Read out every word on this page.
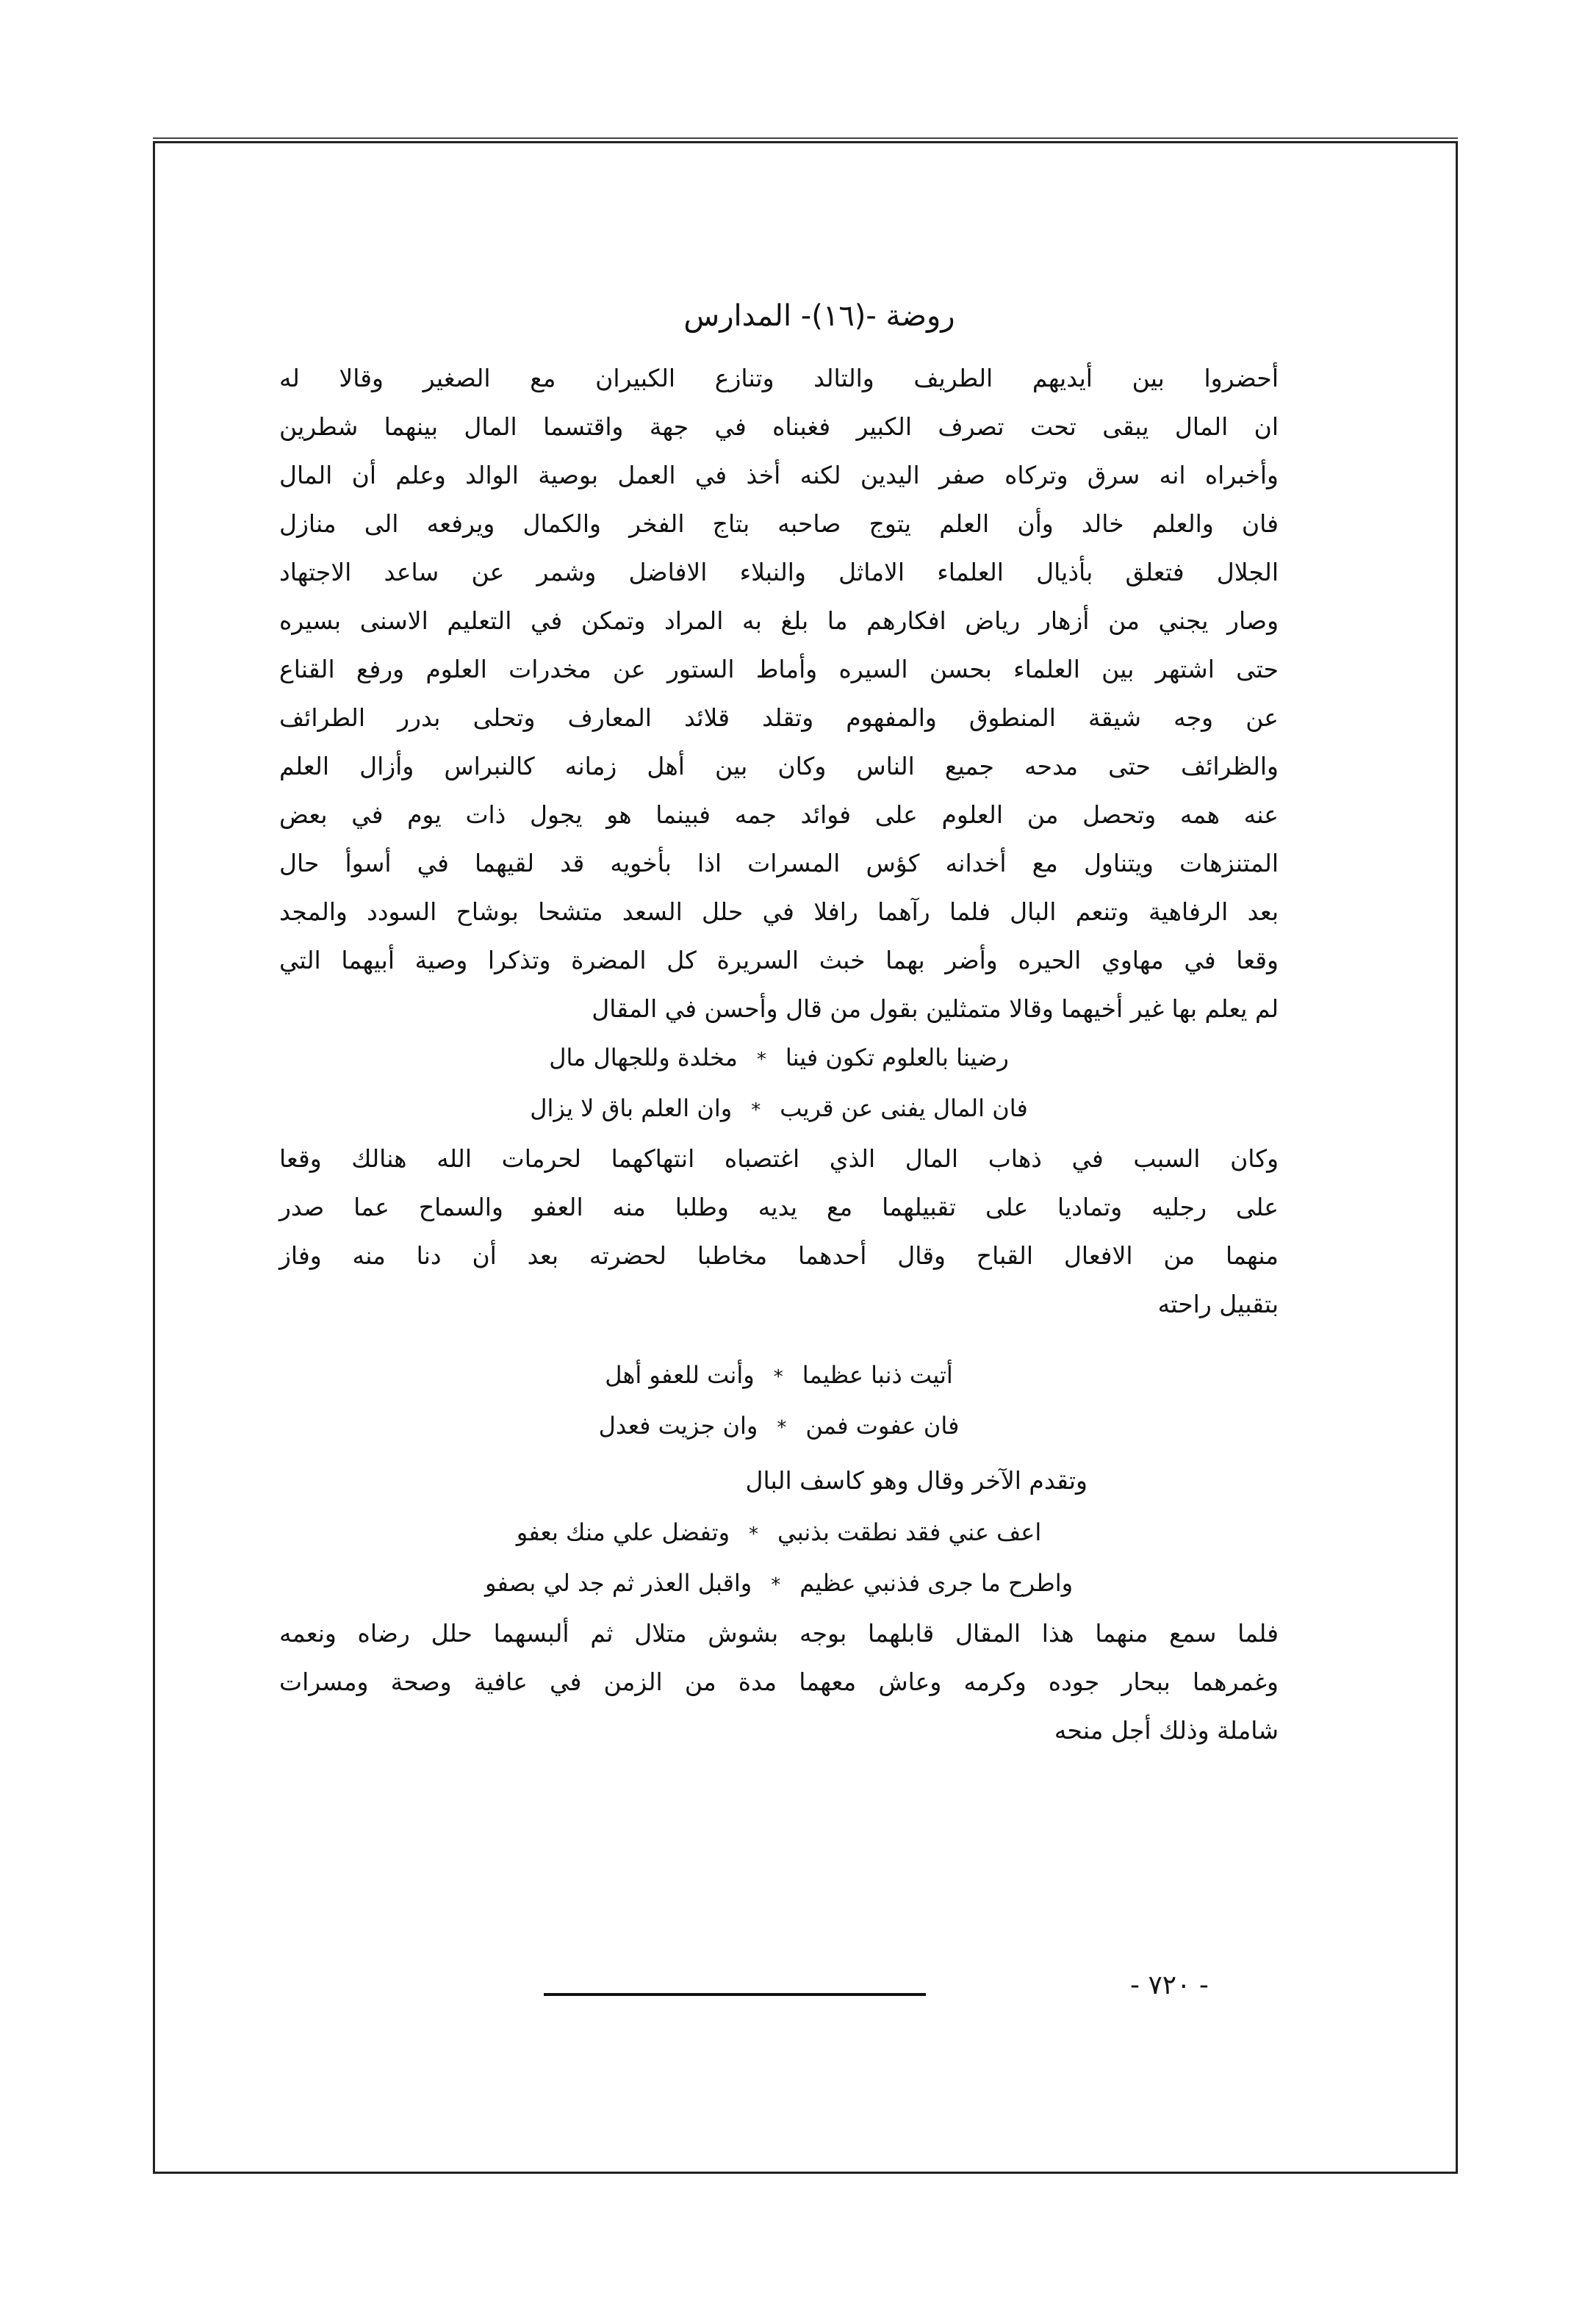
روضة -(١٦)- المدارس

أحضروا بين أيديهم الطريف والتالد وتنازع الكبيران مع الصغير وقالا له

ان المال يبقى تحت تصرف الكبير فغبناه في جهة واقتسما المال بينهما شطرين

وأخبراه انه سرق وتركاه صفر اليدين لكنه أخذ في العمل بوصية الوالد وعلم أن المال

فان والعلم خالد وأن العلم يتوج صاحبه بتاج الفخر والكمال ويرفعه الى منازل

الجلال فتعلق بأذيال العلماء الاماثل والنبلاء الافاضل وشمر عن ساعد الاجتهاد

وصار يجني من أزهار رياض افكارهم ما بلغ به المراد وتمكن في التعليم الاسنى بسيره

حتى اشتهر بين العلماء بحسن السيره وأماط الستور عن مخدرات العلوم ورفع القناع

عن وجه شيقة المنطوق والمفهوم وتقلد قلائد المعارف وتحلى بدرر الطرائف

والظرائف حتى مدحه جميع الناس وكان بين أهل زمانه كالنبراس وأزال العلم

عنه همه وتحصل من العلوم على فوائد جمه فبينما هو يجول ذات يوم في بعض

المتنزهات ويتناول مع أخدانه كؤس المسرات اذا بأخويه قد لقيهما في أسوأ حال

بعد الرفاهية وتنعم البال فلما رآهما رافلا في حلل السعد متشحا بوشاح السودد والمجد

وقعا في مهاوي الحيره وأضر بهما خبث السريرة كل المضرة وتذكرا وصية أبيهما التي

لم يعلم بها غير أخيهما وقالا متمثلين بقول من قال وأحسن في المقال

رضينا بالعلوم تكون فينا
*
مخلدة وللجهال مال
فان المال يفنى عن قريب
*
وان العلم باق لا يزال

وكان السبب في ذهاب المال الذي اغتصباه انتهاكهما لحرمات الله هنالك وقعا

على رجليه وتماديا على تقبيلهما مع يديه وطلبا منه العفو والسماح عما صدر

منهما من الافعال القباح وقال أحدهما مخاطبا لحضرته بعد أن دنا منه وفاز

بتقبيل راحته

أتيت ذنبا عظيما
*
وأنت للعفو أهل
فان عفوت فمن
*
وان جزيت فعدل
وتقدم الآخر وقال وهو كاسف البال
اعف عني فقد نطقت بذنبي
*
وتفضل علي منك بعفو
واطرح ما جرى فذنبي عظيم
*
واقبل العذر ثم جد لي بصفو

فلما سمع منهما هذا المقال قابلهما بوجه بشوش متلال ثم ألبسهما حلل رضاه ونعمه

وغمرهما ببحار جوده وكرمه وعاش معهما مدة من الزمن في عافية وصحة ومسرات

شاملة وذلك أجل منحه

- ٧٢٠ -
